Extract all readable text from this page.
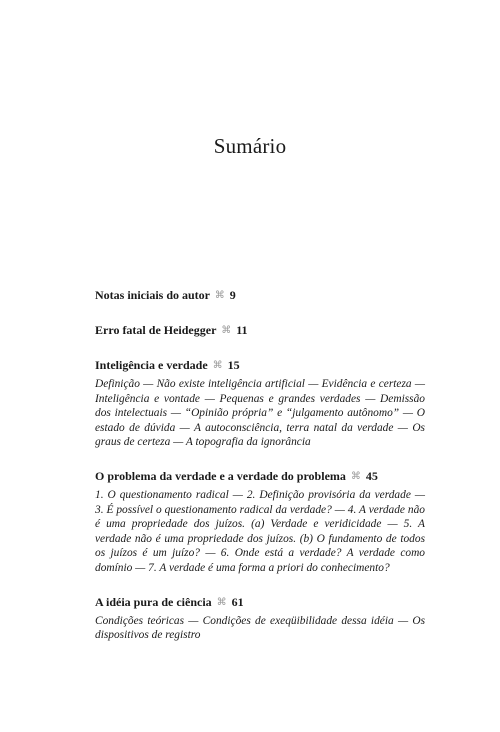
Sumário

Notas iniciais do autor ⌘ 9

Erro fatal de Heidegger ⌘ 11

Inteligência e verdade ⌘ 15

Definição — Não existe inteligência artificial — Evidência e certeza — Inteligência e vontade — Pequenas e grandes verdades — Demissão dos intelectuais — “Opinião própria” e “julgamento autônomo” — O estado de dúvida — A autoconsciência, terra natal da verdade — Os graus de certeza — A topografia da ignorância

O problema da verdade e a verdade do problema ⌘ 45

1. O questionamento radical — 2. Definição provisória da verdade — 3. É possível o questionamento radical da verdade? — 4. A verdade não é uma propriedade dos juízos. (a) Verdade e veridicidade — 5. A verdade não é uma propriedade dos juízos. (b) O fundamento de todos os juízos é um juízo? — 6. Onde está a verdade? A verdade como domínio — 7. A verdade é uma forma a priori do conhecimento?

A idéia pura de ciência ⌘ 61

Condições teóricas — Condições de exeqüibilidade dessa idéia — Os dispositivos de registro
